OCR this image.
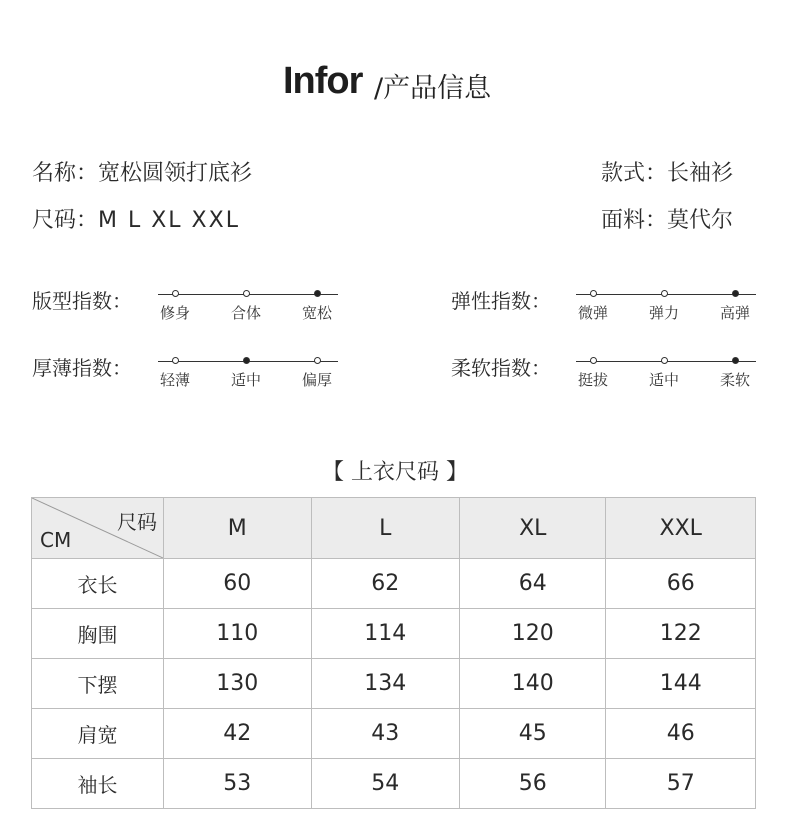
Infor /产品信息
名称：宽松圆领打底衫
尺码：M L XL XXL
款式：长袖衫
面料：莫代尔
版型指数： 修身	合体	宽松	弹性指数： 微弹	弹力	高弹
厚薄指数： 轻薄	适中	偏厚	柔软指数： 挺拔	适中	柔软
【 上衣尺码 】
尺码
CM	M	L	XL	XXL
衣长	60	62	64	66
胸围	110	114	120	122
下摆	130	134	140	144
肩宽	42	43	45	46
袖长	53	54	56	57
